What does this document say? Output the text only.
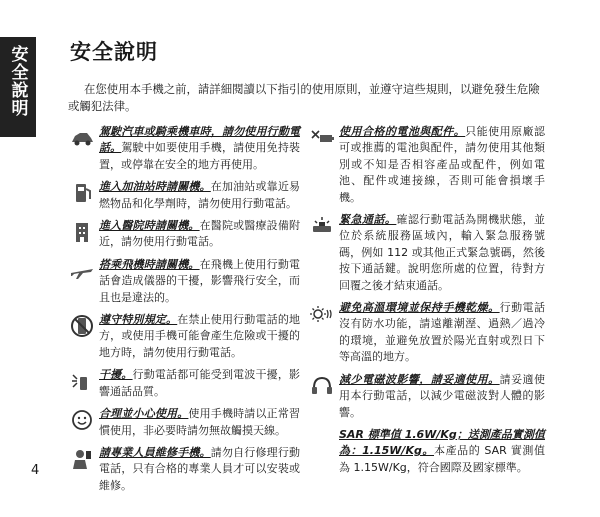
安全說明 安全說明
在您使用本手機之前，請詳細閱讀以下指引的使用原則，並遵守這些規則，以避免發生危險或觸犯法律。
駕駛汽車或騎乘機車時，請勿使用行動電話。駕駛中如要使用手機，請使用免持裝置，或停靠在安全的地方再使用。
進入加油站時請關機。在加油站或靠近易燃物品和化學劑時，請勿使用行動電話。
進入醫院時請關機。在醫院或醫療設備附近，請勿使用行動電話。
搭乘飛機時請關機。在飛機上使用行動電話會造成儀器的干擾，影響飛行安全，而且也是違法的。
遵守特別規定。在禁止使用行動電話的地方，或使用手機可能會產生危險或干擾的地方時，請勿使用行動電話。
干擾。行動電話都可能受到電波干擾，影響通話品質。
合理並小心使用。使用手機時請以正常習慣使用，非必要時請勿無故觸摸天線。
請專業人員維修手機。請勿自行修理行動電話，只有合格的專業人員才可以安裝或維修。
使用合格的電池與配件。只能使用原廠認可或推薦的電池與配件，請勿使用其他類別或不知是否相容產品或配件，例如電池、配件或連接線，否則可能會損壞手機。
緊急通話。確認行動電話為開機狀態，並位於系統服務區域內，輸入緊急服務號碼，例如 112 或其他正式緊急號碼，然後按下通話鍵。說明您所處的位置，待對方回覆之後才結束通話。
避免高溫環境並保持手機乾燥。行動電話沒有防水功能，請遠離潮溼、過熱／過冷的環境，並避免放置於陽光直射或烈日下等高溫的地方。
減少電磁波影響，請妥適使用。請妥適使用本行動電話，以減少電磁波對人體的影響。
SAR 標準值 1.6W/Kg；送測產品實測值為：1.15W/Kg。本產品的 SAR 實測值為 1.15W/Kg，符合國際及國家標準。
4
